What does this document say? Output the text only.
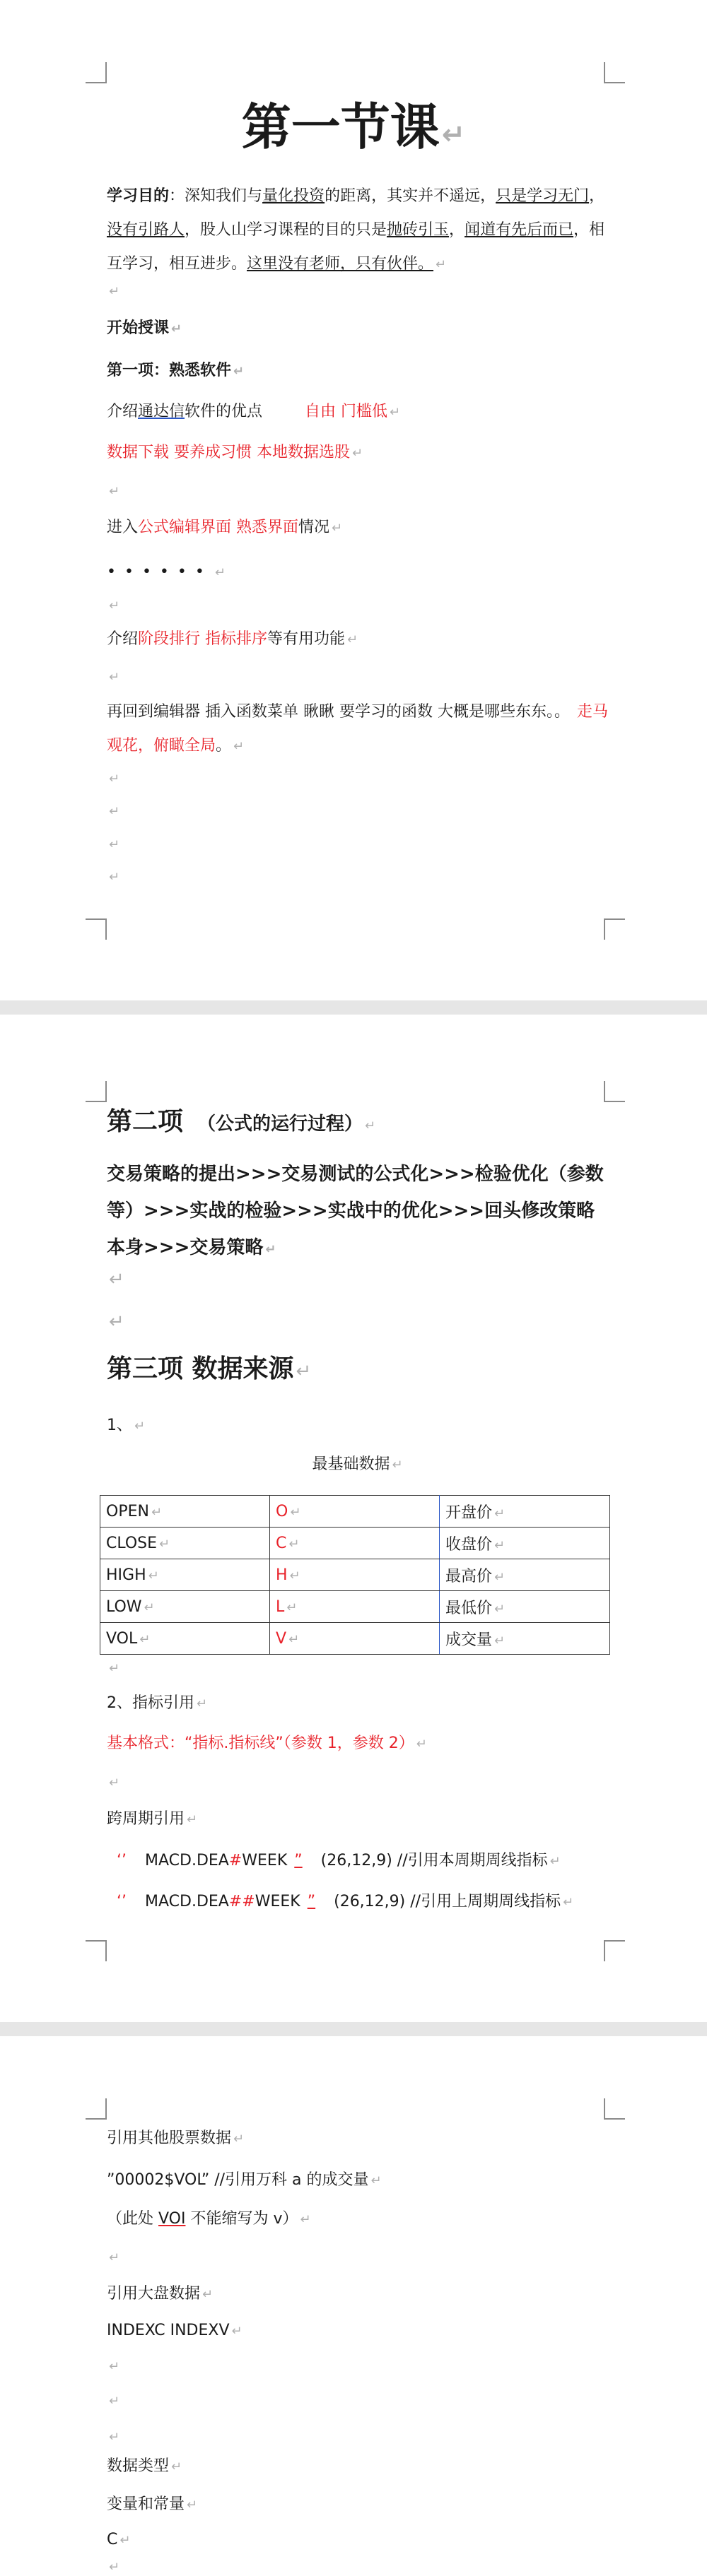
第一节课↵
学习目的：深知我们与量化投资的距离，其实并不遥远，只是学习无门，没有引路人，股人山学习课程的目的只是抛砖引玉，闻道有先后而已，相互学习，相互进步。这里没有老师，只有伙伴。 ↵
↵
开始授课 ↵
第一项：熟悉软件 ↵
介绍通达信软件的优点	自由 门槛低 ↵
数据下载 要养成习惯 本地数据选股 ↵
↵
进入公式编辑界面 熟悉界面情况 ↵
•••••• ↵
↵
介绍阶段排行 指标排序等有用功能 ↵
↵
再回到编辑器 插入函数菜单 瞅瞅 要学习的函数 大概是哪些东东。。 走马观花，俯瞰全局。 ↵
↵
↵
↵
↵
第二项 （公式的运行过程） ↵
交易策略的提出>>>交易测试的公式化>>>检验优化（参数等）>>>实战的检验>>>实战中的优化>>>回头修改策略本身>>>交易策略 ↵
↵
↵
第三项 数据来源 ↵
1、 ↵
最基础数据 ↵
OPEN ↵	O ↵	开盘价 ↵
CLOSE ↵	C ↵	收盘价 ↵
HIGH ↵	H ↵	最高价 ↵
LOW ↵	L ↵	最低价 ↵
VOL ↵	V ↵	成交量 ↵
↵
2、指标引用 ↵
基本格式：“指标.指标线”（参数 1，参数 2） ↵
↵
跨周期引用 ↵
‘’ MACD.DEA#WEEK ” (26,12,9) //引用本周期周线指标 ↵
‘’ MACD.DEA##WEEK ” (26,12,9) //引用上周期周线指标 ↵
引用其他股票数据 ↵
”00002$VOL” //引用万科 a 的成交量 ↵
（此处 VOI 不能缩写为 v） ↵
↵
引用大盘数据 ↵
INDEXC INDEXV ↵
↵
↵
↵
数据类型 ↵
变量和常量 ↵
C ↵
↵
